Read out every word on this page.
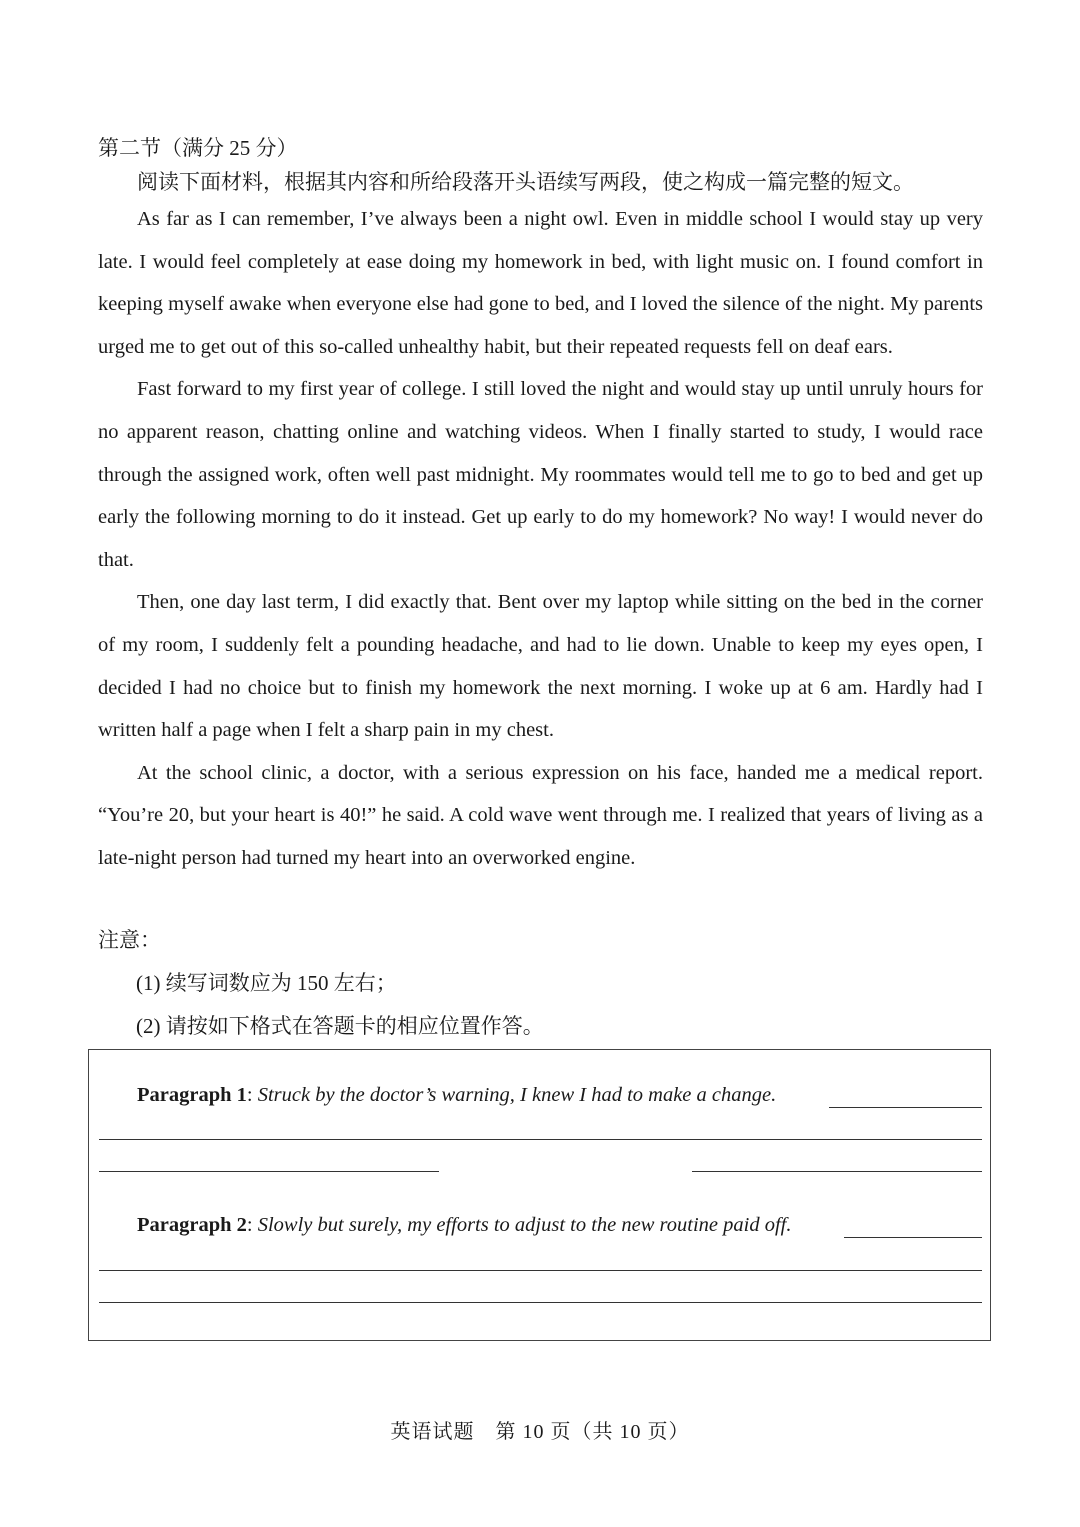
第二节（满分 25 分）
阅读下面材料，根据其内容和所给段落开头语续写两段，使之构成一篇完整的短文。

As far as I can remember, I’ve always been a night owl. Even in middle school I would stay up very late. I would feel completely at ease doing my homework in bed, with light music on. I found comfort in keeping myself awake when everyone else had gone to bed, and I loved the silence of the night. My parents urged me to get out of this so-called unhealthy habit, but their repeated requests fell on deaf ears.

Fast forward to my first year of college. I still loved the night and would stay up until unruly hours for no apparent reason, chatting online and watching videos. When I finally started to study, I would race through the assigned work, often well past midnight. My roommates would tell me to go to bed and get up early the following morning to do it instead. Get up early to do my homework? No way! I would never do that.

Then, one day last term, I did exactly that. Bent over my laptop while sitting on the bed in the corner of my room, I suddenly felt a pounding headache, and had to lie down. Unable to keep my eyes open, I decided I had no choice but to finish my homework the next morning. I woke up at 6 am. Hardly had I written half a page when I felt a sharp pain in my chest.

At the school clinic, a doctor, with a serious expression on his face, handed me a medical report. “You’re 20, but your heart is 40!” he said. A cold wave went through me. I realized that years of living as a late-night person had turned my heart into an overworked engine.

注意：
(1) 续写词数应为 150 左右；
(2) 请按如下格式在答题卡的相应位置作答。
Paragraph 1: Struck by the doctor’s warning, I knew I had to make a change.
Paragraph 2: Slowly but surely, my efforts to adjust to the new routine paid off.
英语试题　第 10 页（共 10 页）
